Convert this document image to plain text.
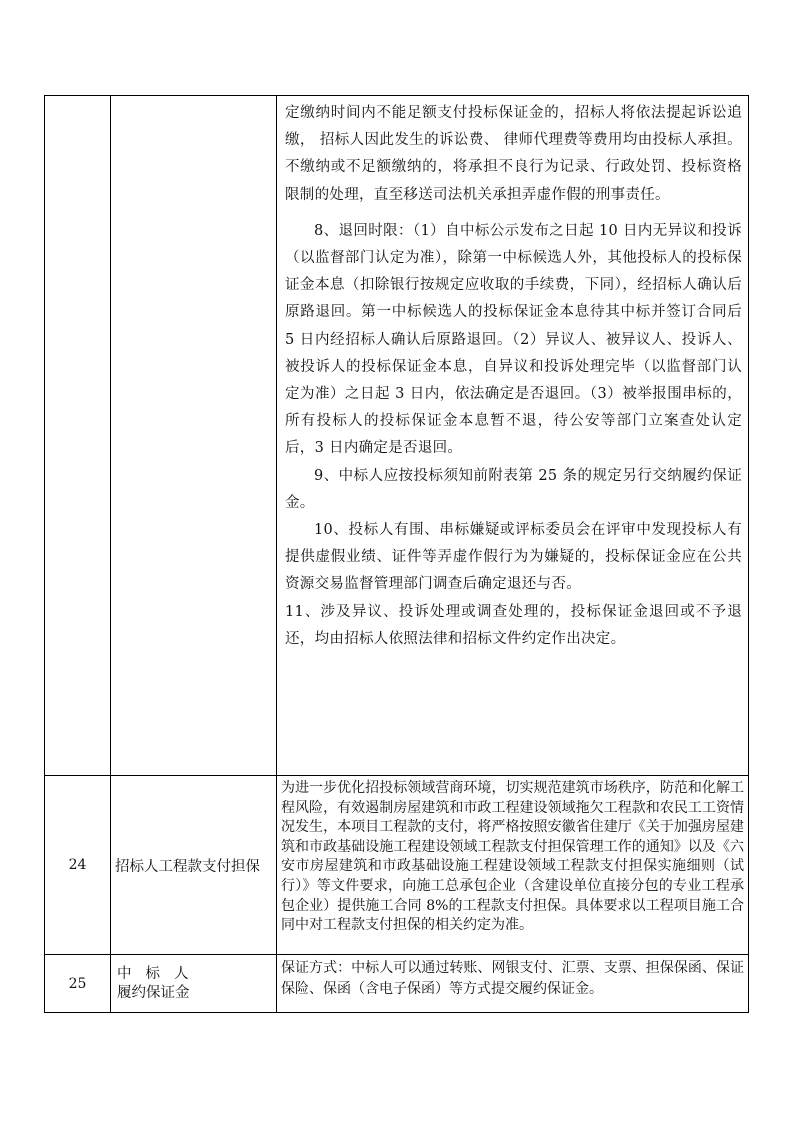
定缴纳时间内不能足额支付投标保证金的，招标人将依法提起诉讼追缴， 招标人因此发生的诉讼费、 律师代理费等费用均由投标人承担。不缴纳或不足额缴纳的，将承担不良行为记录、行政处罚、投标资格限制的处理，直至移送司法机关承担弄虚作假的刑事责任。

8、退回时限：（1）自中标公示发布之日起 10 日内无异议和投诉（以监督部门认定为准），除第一中标候选人外，其他投标人的投标保证金本息（扣除银行按规定应收取的手续费，下同），经招标人确认后原路退回。第一中标候选人的投标保证金本息待其中标并签订合同后 5 日内经招标人确认后原路退回。（2）异议人、被异议人、投诉人、被投诉人的投标保证金本息，自异议和投诉处理完毕（以监督部门认定为准）之日起 3 日内，依法确定是否退回。（3）被举报围串标的，所有投标人的投标保证金本息暂不退，待公安等部门立案查处认定后，3 日内确定是否退回。

9、中标人应按投标须知前附表第 25 条的规定另行交纳履约保证金。

10、投标人有围、串标嫌疑或评标委员会在评审中发现投标人有提供虚假业绩、证件等弄虚作假行为为嫌疑的，投标保证金应在公共资源交易监督管理部门调查后确定退还与否。

11、涉及异议、投诉处理或调查处理的，投标保证金退回或不予退还，均由招标人依照法律和招标文件约定作出决定。

24	招标人工程款支付担保
为进一步优化招投标领域营商环境，切实规范建筑市场秩序，防范和化解工程风险，有效遏制房屋建筑和市政工程建设领域拖欠工程款和农民工工资情况发生，本项目工程款的支付，将严格按照安徽省住建厅《关于加强房屋建筑和市政基础设施工程建设领域工程款支付担保管理工作的通知》以及《六安市房屋建筑和市政基础设施工程建设领域工程款支付担保实施细则（试行）》等文件要求，向施工总承包企业（含建设单位直接分包的专业工程承包企业）提供施工合同 8%的工程款支付担保。具体要求以工程项目施工合同中对工程款支付担保的相关约定为准。
25
中标人
履约保证金
保证方式：中标人可以通过转账、网银支付、汇票、支票、担保保函、保证保险、保函（含电子保函）等方式提交履约保证金。
